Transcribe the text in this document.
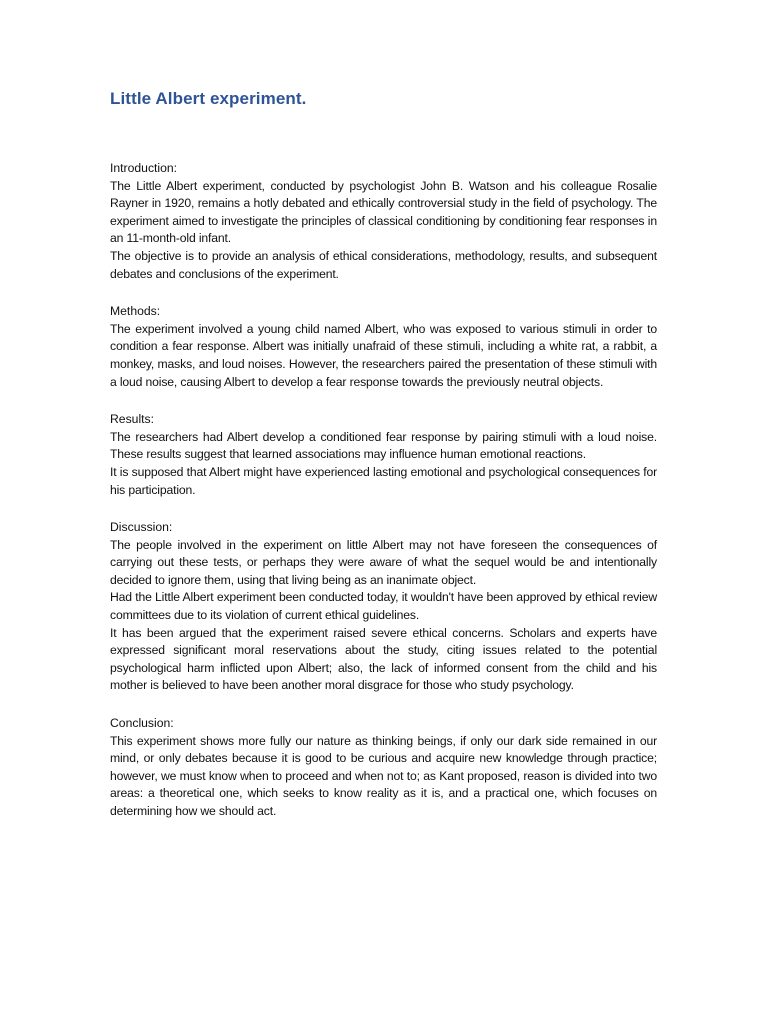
Little Albert experiment.

Introduction:

The Little Albert experiment, conducted by psychologist John B. Watson and his colleague Rosalie Rayner in 1920, remains a hotly debated and ethically controversial study in the field of psychology. The experiment aimed to investigate the principles of classical conditioning by conditioning fear responses in an 11-month-old infant.

The objective is to provide an analysis of ethical considerations, methodology, results, and subsequent debates and conclusions of the experiment.

Methods:

The experiment involved a young child named Albert, who was exposed to various stimuli in order to condition a fear response. Albert was initially unafraid of these stimuli, including a white rat, a rabbit, a monkey, masks, and loud noises. However, the researchers paired the presentation of these stimuli with a loud noise, causing Albert to develop a fear response towards the previously neutral objects.

Results:

The researchers had Albert develop a conditioned fear response by pairing stimuli with a loud noise. These results suggest that learned associations may influence human emotional reactions.

It is supposed that Albert might have experienced lasting emotional and psychological consequences for his participation.

Discussion:

The people involved in the experiment on little Albert may not have foreseen the consequences of carrying out these tests, or perhaps they were aware of what the sequel would be and intentionally decided to ignore them, using that living being as an inanimate object.

Had the Little Albert experiment been conducted today, it wouldn't have been approved by ethical review committees due to its violation of current ethical guidelines.

It has been argued that the experiment raised severe ethical concerns. Scholars and experts have expressed significant moral reservations about the study, citing issues related to the potential psychological harm inflicted upon Albert; also, the lack of informed consent from the child and his mother is believed to have been another moral disgrace for those who study psychology.

Conclusion:

This experiment shows more fully our nature as thinking beings, if only our dark side remained in our mind, or only debates because it is good to be curious and acquire new knowledge through practice; however, we must know when to proceed and when not to; as Kant proposed, reason is divided into two areas: a theoretical one, which seeks to know reality as it is, and a practical one, which focuses on determining how we should act.
